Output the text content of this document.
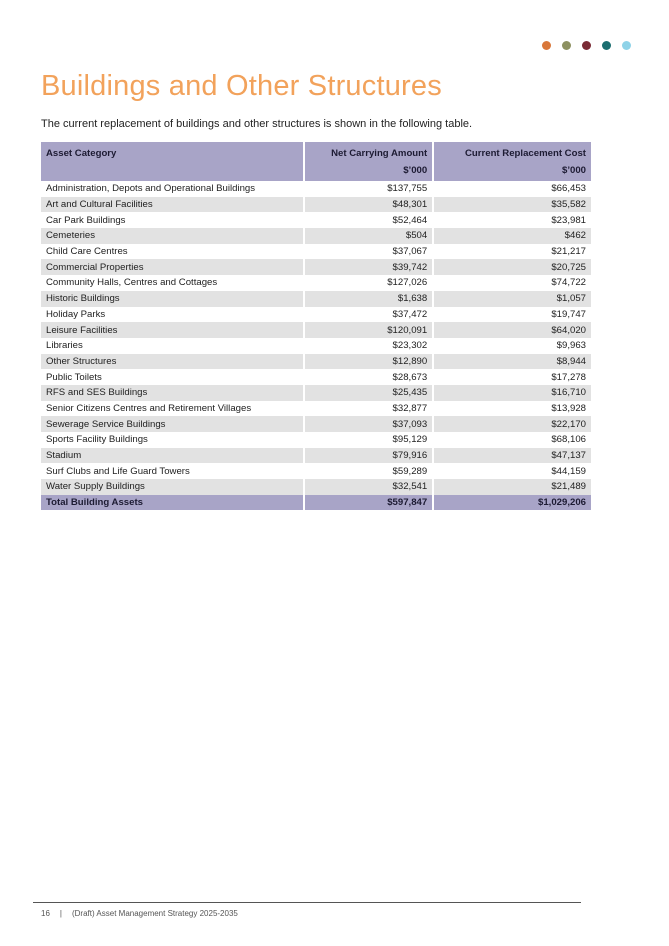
Buildings and Other Structures

The current replacement of buildings and other structures is shown in the following table.

Asset Category	Net Carrying Amount	Current Replacement Cost
	$’000	$’000
Administration, Depots and Operational Buildings	$137,755	$66,453
Art and Cultural Facilities	$48,301	$35,582
Car Park Buildings	$52,464	$23,981
Cemeteries	$504	$462
Child Care Centres	$37,067	$21,217
Commercial Properties	$39,742	$20,725
Community Halls, Centres and Cottages	$127,026	$74,722
Historic Buildings	$1,638	$1,057
Holiday Parks	$37,472	$19,747
Leisure Facilities	$120,091	$64,020
Libraries	$23,302	$9,963
Other Structures	$12,890	$8,944
Public Toilets	$28,673	$17,278
RFS and SES Buildings	$25,435	$16,710
Senior Citizens Centres and Retirement Villages	$32,877	$13,928
Sewerage Service Buildings	$37,093	$22,170
Sports Facility Buildings	$95,129	$68,106
Stadium	$79,916	$47,137
Surf Clubs and Life Guard Towers	$59,289	$44,159
Water Supply Buildings	$32,541	$21,489
Total Building Assets	$597,847	$1,029,206
16 | (Draft) Asset Management Strategy 2025-2035
